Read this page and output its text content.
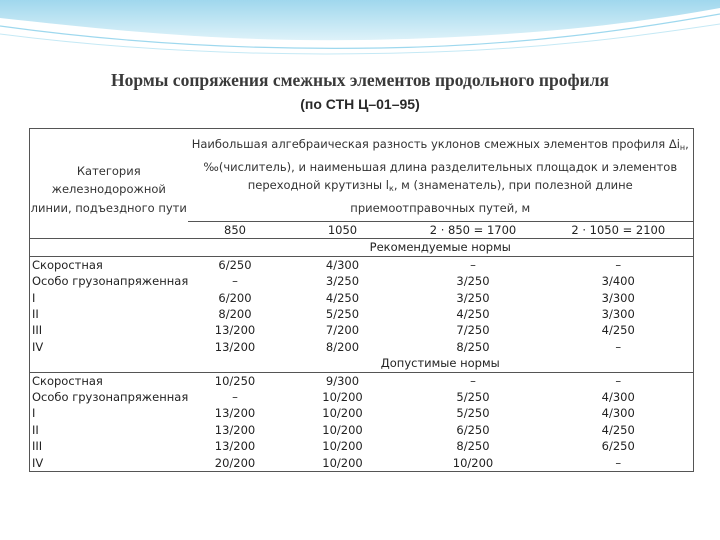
Нормы сопряжения смежных элементов продольного профиля
(по СТН Ц–01–95)
Категория железнодорожной линии, подъездного пути	Наибольшая алгебраическая разность уклонов смежных элементов профиля $\Delta i_н$, ‰(числитель), и наименьшая длина разделительных площадок и элементов переходной крутизны $l_к$, м (знаменатель), при полезной длине приемоотправочных путей, м			
	850	1050	2 · 850 = 1700	2 · 1050 = 2100
	Рекомендуемые нормы			
Скоростная	6/250	4/300	–	–
Особо грузонапряженная	–	3/250	3/250	3/400
I	6/200	4/250	3/250	3/300
II	8/200	5/250	4/250	3/300
III	13/200	7/200	7/250	4/250
IV	13/200	8/200	8/250	–
	Допустимые нормы			
Скоростная	10/250	9/300	–	–
Особо грузонапряженная	–	10/200	5/250	4/300
I	13/200	10/200	5/250	4/300
II	13/200	10/200	6/250	4/250
III	13/200	10/200	8/250	6/250
IV	20/200	10/200	10/200	–
